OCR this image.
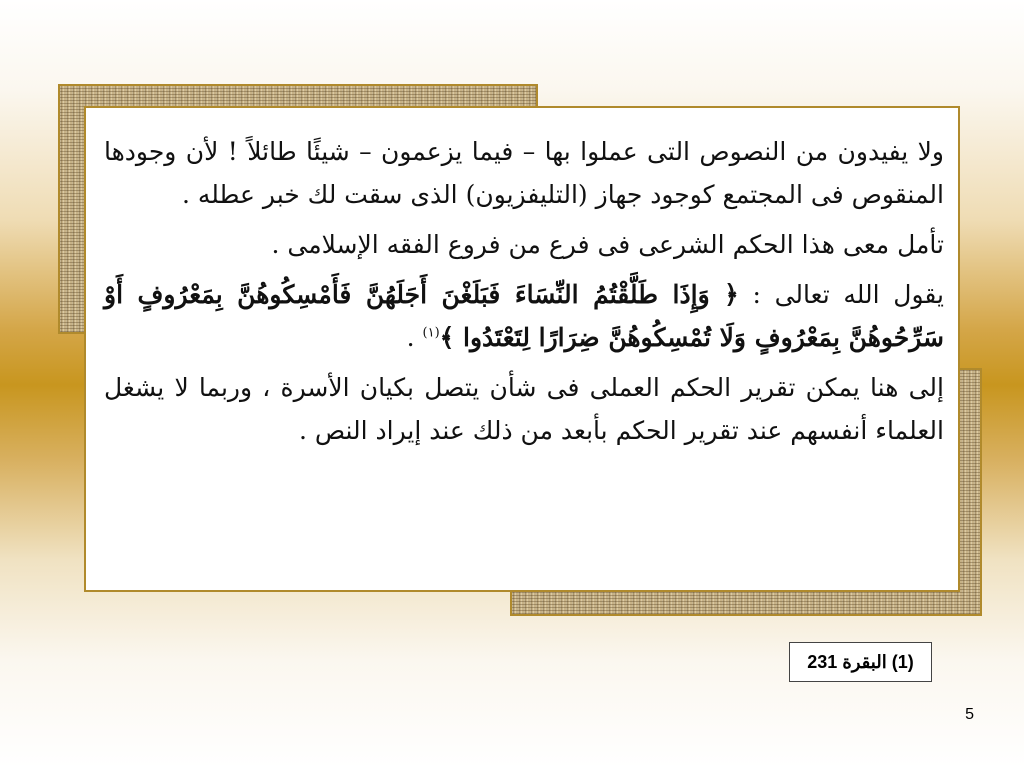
ولا يفيدون من النصوص التى عملوا بها – فيما يزعمون – شيئًا طائلاً ! لأن وجودها المنقوص فى المجتمع كوجود جهاز (التليفزيون) الذى سقت لك خبر عطله .

تأمل معى هذا الحكم الشرعى فى فرع من فروع الفقه الإسلامى .

يقول الله تعالى : ﴿ وَإِذَا طَلَّقْتُمُ النِّسَاءَ فَبَلَغْنَ أَجَلَهُنَّ فَأَمْسِكُوهُنَّ بِمَعْرُوفٍ أَوْ سَرِّحُوهُنَّ بِمَعْرُوفٍ وَلَا تُمْسِكُوهُنَّ ضِرَارًا لِتَعْتَدُوا ﴾$^{(١)}$ .

إلى هنا يمكن تقرير الحكم العملى فى شأن يتصل بكيان الأسرة ، وربما لا يشغل العلماء أنفسهم عند تقرير الحكم بأبعد من ذلك عند إيراد النص .

(1) البقرة 231
5
